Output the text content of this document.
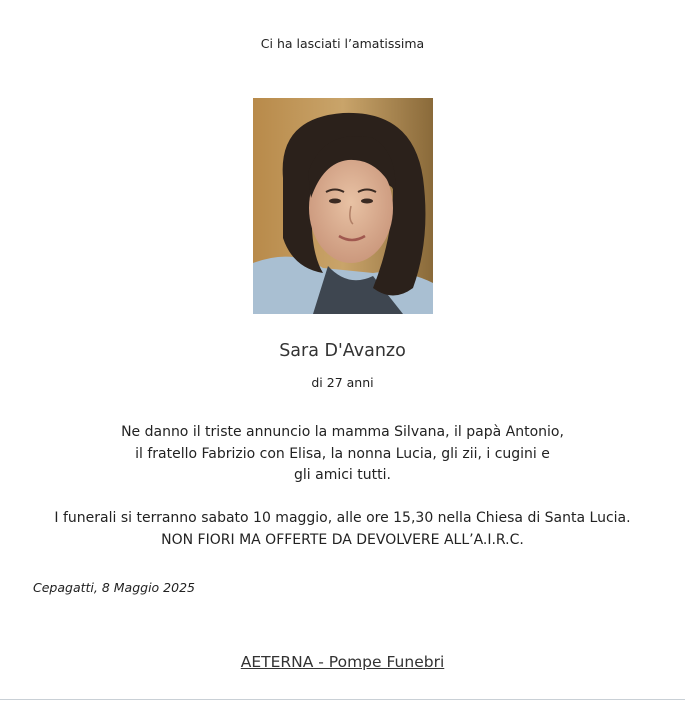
Ci ha lasciati l’amatissima
Sara D'Avanzo
di 27 anni
Ne danno il triste annuncio la mamma Silvana, il papà Antonio,
il fratello Fabrizio con Elisa, la nonna Lucia, gli zii, i cugini e
gli amici tutti.
I funerali si terranno sabato 10 maggio, alle ore 15,30 nella Chiesa di Santa Lucia.
NON FIORI MA OFFERTE DA DEVOLVERE ALL’A.I.R.C.
Cepagatti, 8 Maggio 2025
AETERNA - Pompe Funebri
